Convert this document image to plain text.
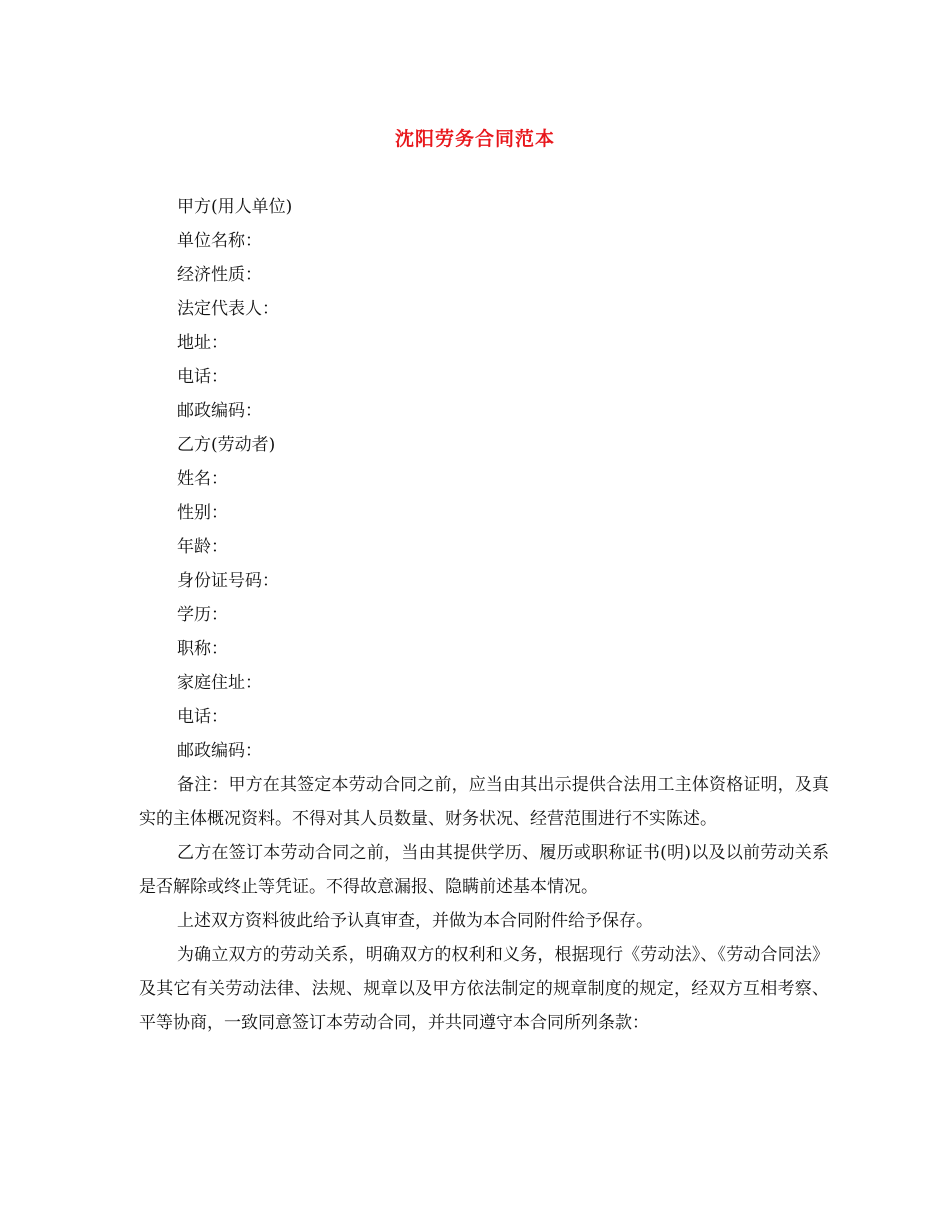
沈阳劳务合同范本

甲方(用人单位)

单位名称：

经济性质：

法定代表人：

地址：

电话：

邮政编码：

乙方(劳动者)

姓名：

性别：

年龄：

身份证号码：

学历：

职称：

家庭住址：

电话：

邮政编码：

备注：甲方在其签定本劳动合同之前，应当由其出示提供合法用工主体资格证明，及真实的主体概况资料。不得对其人员数量、财务状况、经营范围进行不实陈述。

乙方在签订本劳动合同之前，当由其提供学历、履历或职称证书(明)以及以前劳动关系是否解除或终止等凭证。不得故意漏报、隐瞒前述基本情况。

上述双方资料彼此给予认真审查，并做为本合同附件给予保存。

为确立双方的劳动关系，明确双方的权利和义务，根据现行《劳动法》、《劳动合同法》及其它有关劳动法律、法规、规章以及甲方依法制定的规章制度的规定，经双方互相考察、平等协商，一致同意签订本劳动合同，并共同遵守本合同所列条款：
